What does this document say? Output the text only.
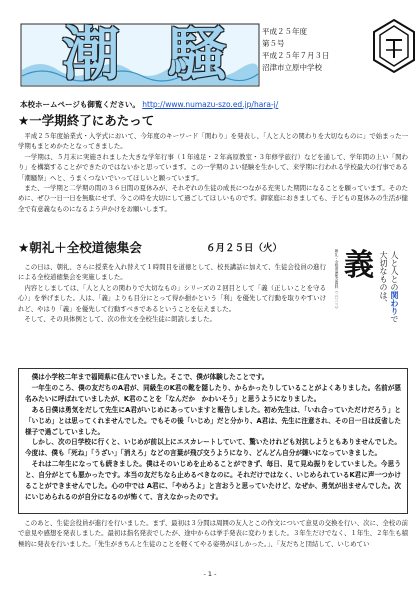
潮 騒	平成２５年度
第５号
平成２５年７月３日
沼津市立原中学校
本校ホームページも御覧ください。 http://www.numazu-szo.ed.jp/hara-j/
★一学期終了にあたって

平成２５年度始業式・入学式において、今年度のキーワード「関わり」を発表し、「人と人との関わりを大切なものに」で始まった一学期もまとめかたとなってきました。

一学期は、５月末に実施されました大きな学年行事（１年遠足・２年高原教室・３年修学旅行）などを通して、学年間の上い「関わり」を構築することができたのではないかと思っています。この一学期のよい経験を生かして、来学期に行われる学校最大の行事である「潮騒祭」へと、うまくつないでいってほしいと願っています。

また、一学期と二学期の間の３６日間の夏休みが、それぞれの生徒の成長につながる充実した期間になることを願っています。そのために、ぜひ一日一日を無駄にせず、今この時を大切にして過ごしてほしいものです。御家庭におきましても、子どもの夏休みの生活が健全で有意義なものになるよう声かけをお願いします。

★朝礼＋全校道徳集会	６月２５日（火）

この日は、朝礼、さらに授業を入れ替えて１時間目を道徳として、校長講話に加えて、生徒会役員の進行による全校道徳集会を実施しました。

内容としましては、「人と人との関わりで大切なもの」シリーズの２回目として「義（正しいことを守る心）」を挙げました。人は、「義」よりも目分にとって得か損かという「利」を優先して行動を取りやすいけれど、やはり「義」を優先して行動すべきであるということを伝えました。

そして、その具体例として、次の作文を全校生徒に朗読しました。

朝礼・全校道徳集会資料（二〇一三） 義	人と人との関わりで大切なものは、

僕は小学校二年まで福岡県に住んでいました。そこで、僕が体験したことです。

一年生のころ、僕の友だちのA君が、同級生のK君の靴を隠したり、からかったりしていることがよくありました。名前が悪名みたいに呼ばれていましたが、K君のことを「なんだか　かわいそう」と思うようになりました。

ある日僕は勇気をだして先生にA君がいじめにあっていますと報告しました。初め先生は、「いれ合っていただけだろう」と「いじめ」とは思ってくれませんでした。でもその後「いじめ」だと分かり、A君は、先生に注意され、その日一日は反省した様子で過ごしていました。

しかし、次の日学校に行くと、いじめが前以上にエスカレートしていて、驚いたけれども対抗しようともありませんでした。今度は、僕も「死ね」「うざい」「消えろ」などの言葉が飛び交うようになり、どんどん自分が嫌いになっていきました。

それは二年生になっても続きました。僕はそのいじめを止めることができず、毎日、見て見ぬ振りをしていました。今思うと、自分がとても悪かったです。本当の友だちなら止めるべきなのに。それだけではなく、いじめられているK君に声一つかけることができませんでした。心の中では A君に、「やめろよ」と言おうと思っていたけど、なぜか、勇気が出ませんでした。次にいじめられるのが自分になるのが怖くて、言えなかったのです。

このあと、生徒会役員が進行を行いました。まず、最初は３分間は周囲の友人とこの作文について意見の交換を行い、次に、全校の前で意見や感想を発表しました。最初は指名発表でしたが、途中からは挙手発表に変わりました。３年生だけでなく、１年生、２年生も積極的に発表を行いました。「先生がきちんと生徒のことを軽くてやる姿勢がほしかった。」、「友だちと団結して、いじめてい

- 1 -
